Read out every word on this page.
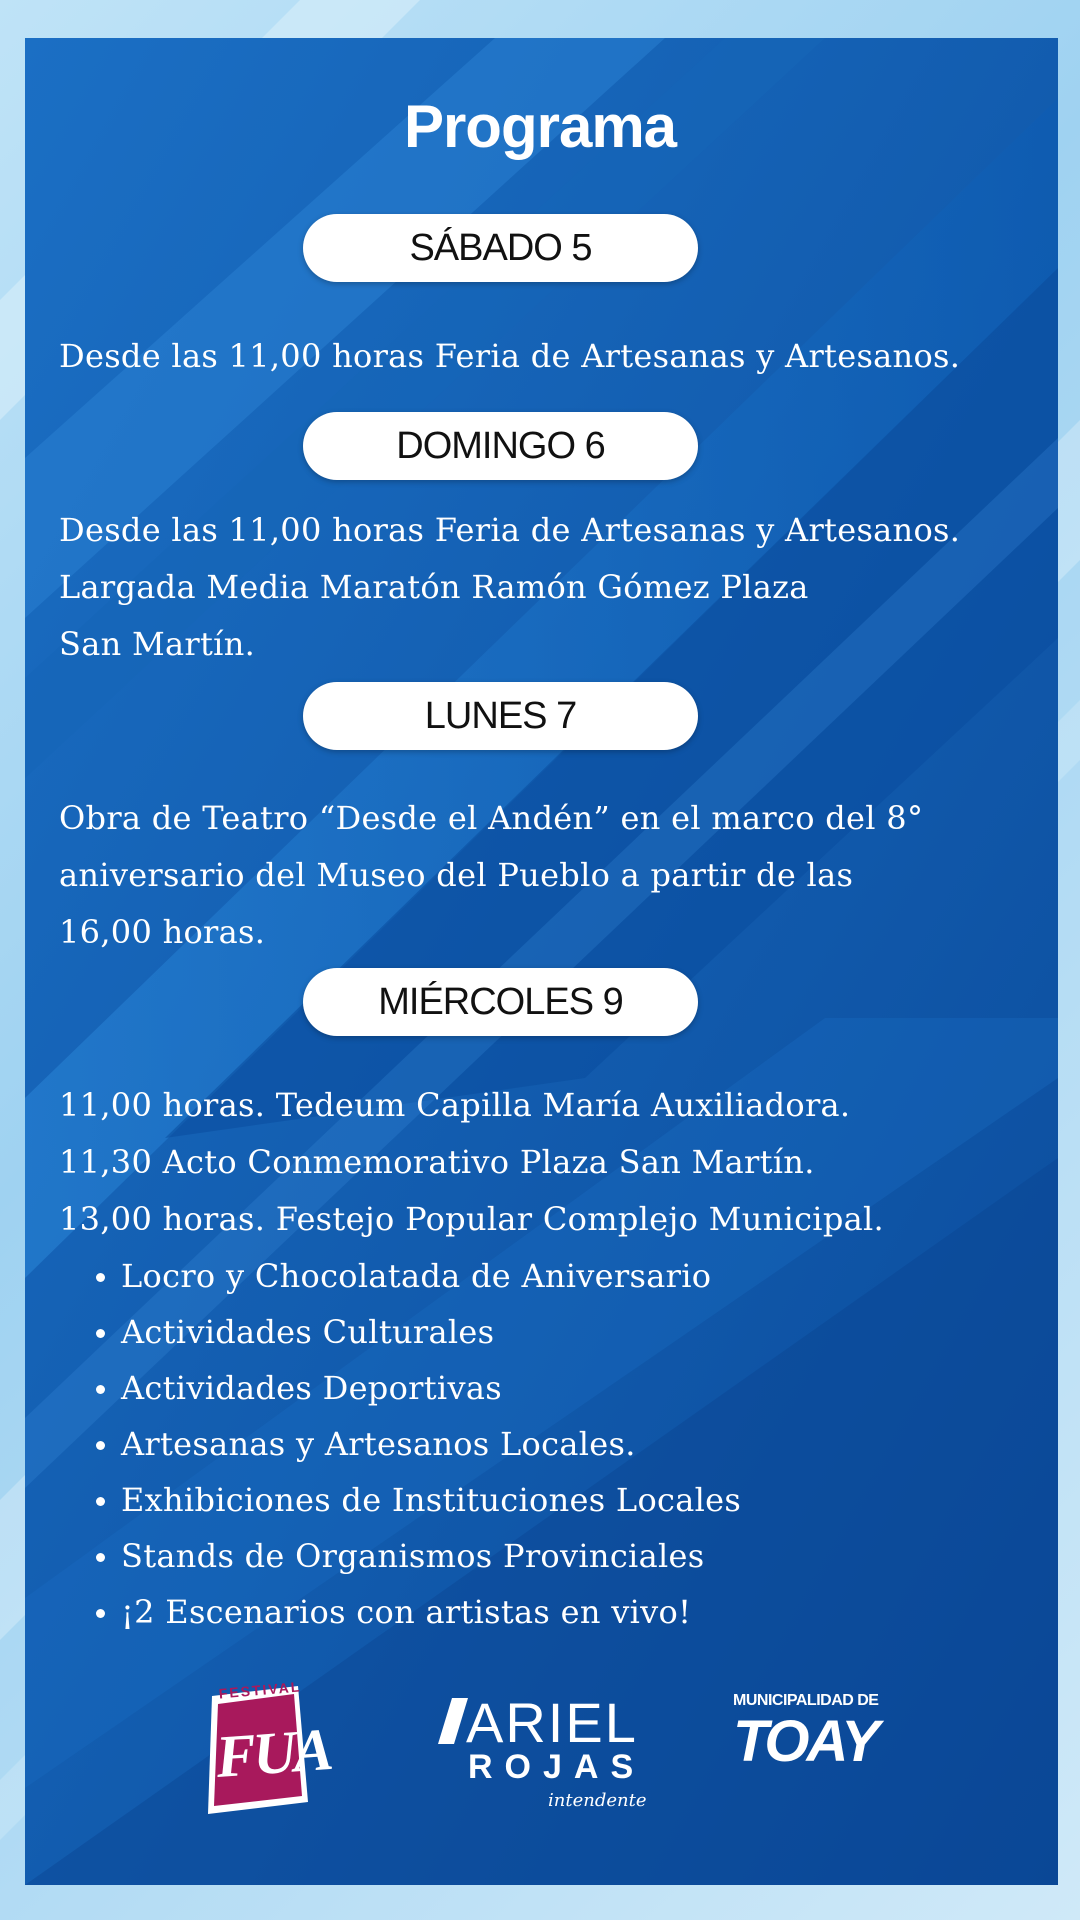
Programa
SÁBADO 5
Desde las 11,00 horas Feria de Artesanas y Artesanos.
DOMINGO 6
Desde las 11,00 horas Feria de Artesanas y Artesanos.
Largada Media Maratón Ramón Gómez Plaza
San Martín.
LUNES 7
Obra de Teatro “Desde el Andén” en el marco del 8°
aniversario del Museo del Pueblo a partir de las
16,00 horas.
MIÉRCOLES 9
11,00 horas. Tedeum Capilla María Auxiliadora.
11,30 Acto Conmemorativo Plaza San Martín.
13,00 horas. Festejo Popular Complejo Municipal.
Locro y Chocolatada de Aniversario
Actividades Culturales
Actividades Deportivas
Artesanas y Artesanos Locales.
Exhibiciones de Instituciones Locales
Stands de Organismos Provinciales
¡2 Escenarios con artistas en vivo!
FESTIVAL
FUA ARIEL
ROJAS
intendente
MUNICIPALIDAD DE
TOAY
